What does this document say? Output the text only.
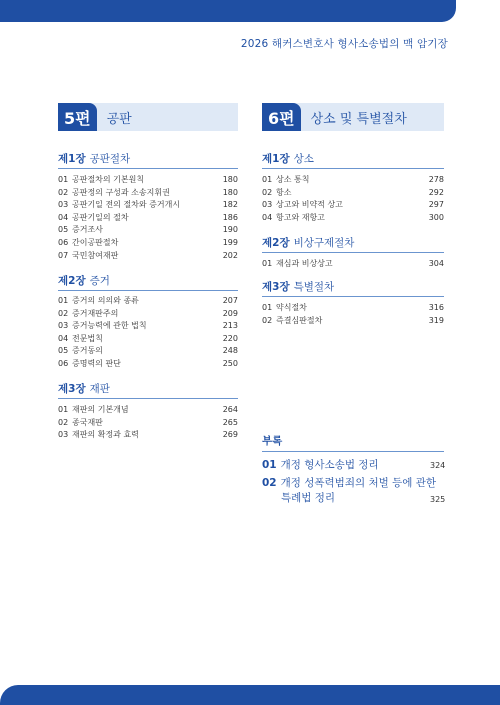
2026 해커스변호사 형사소송법의 맥 암기장
5편	공판
제1장 공판절차
01 공판절차의 기본원칙	180
02 공판정의 구성과 소송지휘권	180
03 공판기일 전의 절차와 증거개시	182
04 공판기일의 절차	186
05 증거조사	190
06 간이공판절차	199
07 국민참여재판	202
제2장 증거
01 증거의 의의와 종류	207
02 증거재판주의	209
03 증거능력에 관한 법칙	213
04 전문법칙	220
05 증거동의	248
06 증명력의 판단	250
제3장 재판
01 재판의 기본개념	264
02 종국재판	265
03 재판의 확정과 효력	269
6편	상소 및 특별절차
제1장 상소
01 상소 통칙	278
02 항소	292
03 상고와 비약적 상고	297
04 항고와 재항고	300
제2장 비상구제절차
01 재심과 비상상고	304
제3장 특별절차
01 약식절차	316
02 즉결심판절차	319
부록
01 개정 형사소송법 정리	324
02 개정 성폭력범죄의 처벌 등에 관한
특례법 정리	325
